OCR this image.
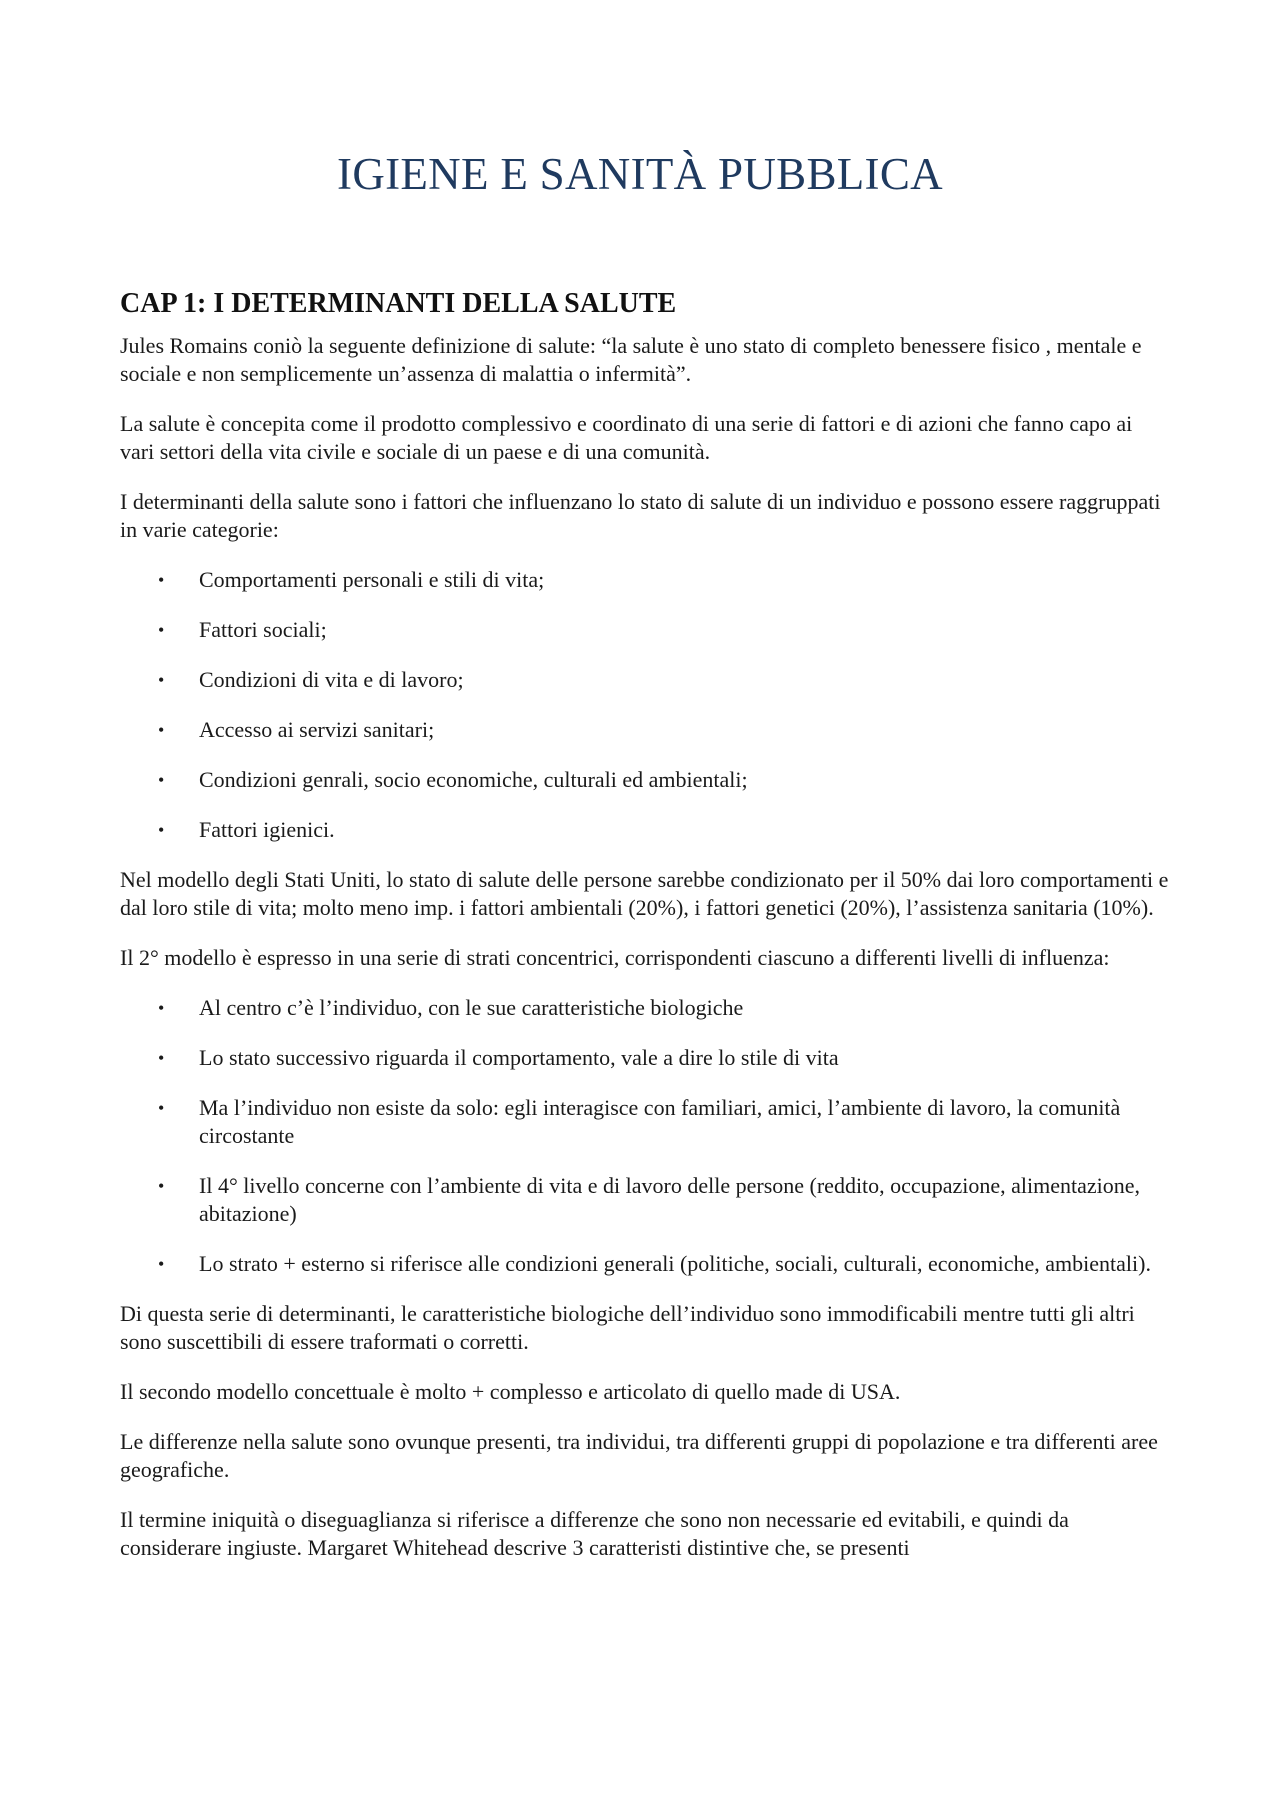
IGIENE E SANITÀ PUBBLICA
CAP 1: I DETERMINANTI DELLA SALUTE

Jules Romains coniò la seguente definizione di salute: “la salute è uno stato di completo benessere fisico , mentale e sociale e non semplicemente un’assenza di malattia o infermità”.

La salute è concepita come il prodotto complessivo e coordinato di una serie di fattori e di azioni che fanno capo ai vari settori della vita civile e sociale di un paese e di una comunità.

I determinanti della salute sono i fattori che influenzano lo stato di salute di un individuo e possono essere raggruppati in varie categorie:

• Comportamenti personali e stili di vita;
• Fattori sociali;
• Condizioni di vita e di lavoro;
• Accesso ai servizi sanitari;
• Condizioni genrali, socio economiche, culturali ed ambientali;
• Fattori igienici.

Nel modello degli Stati Uniti, lo stato di salute delle persone sarebbe condizionato per il 50% dai loro comportamenti e dal loro stile di vita; molto meno imp. i fattori ambientali (20%), i fattori genetici (20%), l’assistenza sanitaria (10%).

Il 2° modello è espresso in una serie di strati concentrici, corrispondenti ciascuno a differenti livelli di influenza:

• Al centro c’è l’individuo, con le sue caratteristiche biologiche
• Lo stato successivo riguarda il comportamento, vale a dire lo stile di vita
• Ma l’individuo non esiste da solo: egli interagisce con familiari, amici, l’ambiente di lavoro, la comunità circostante
• Il 4° livello concerne con l’ambiente di vita e di lavoro delle persone (reddito, occupazione, alimentazione, abitazione)
• Lo strato + esterno si riferisce alle condizioni generali (politiche, sociali, culturali, economiche, ambientali).

Di questa serie di determinanti, le caratteristiche biologiche dell’individuo sono immodificabili mentre tutti gli altri sono suscettibili di essere traformati o corretti.

Il secondo modello concettuale è molto + complesso e articolato di quello made di USA.

Le differenze nella salute sono ovunque presenti, tra individui, tra differenti gruppi di popolazione e tra differenti aree geografiche.

Il termine iniquità o diseguaglianza si riferisce a differenze che sono non necessarie ed evitabili, e quindi da considerare ingiuste. Margaret Whitehead descrive 3 caratteristi distintive che, se presenti
